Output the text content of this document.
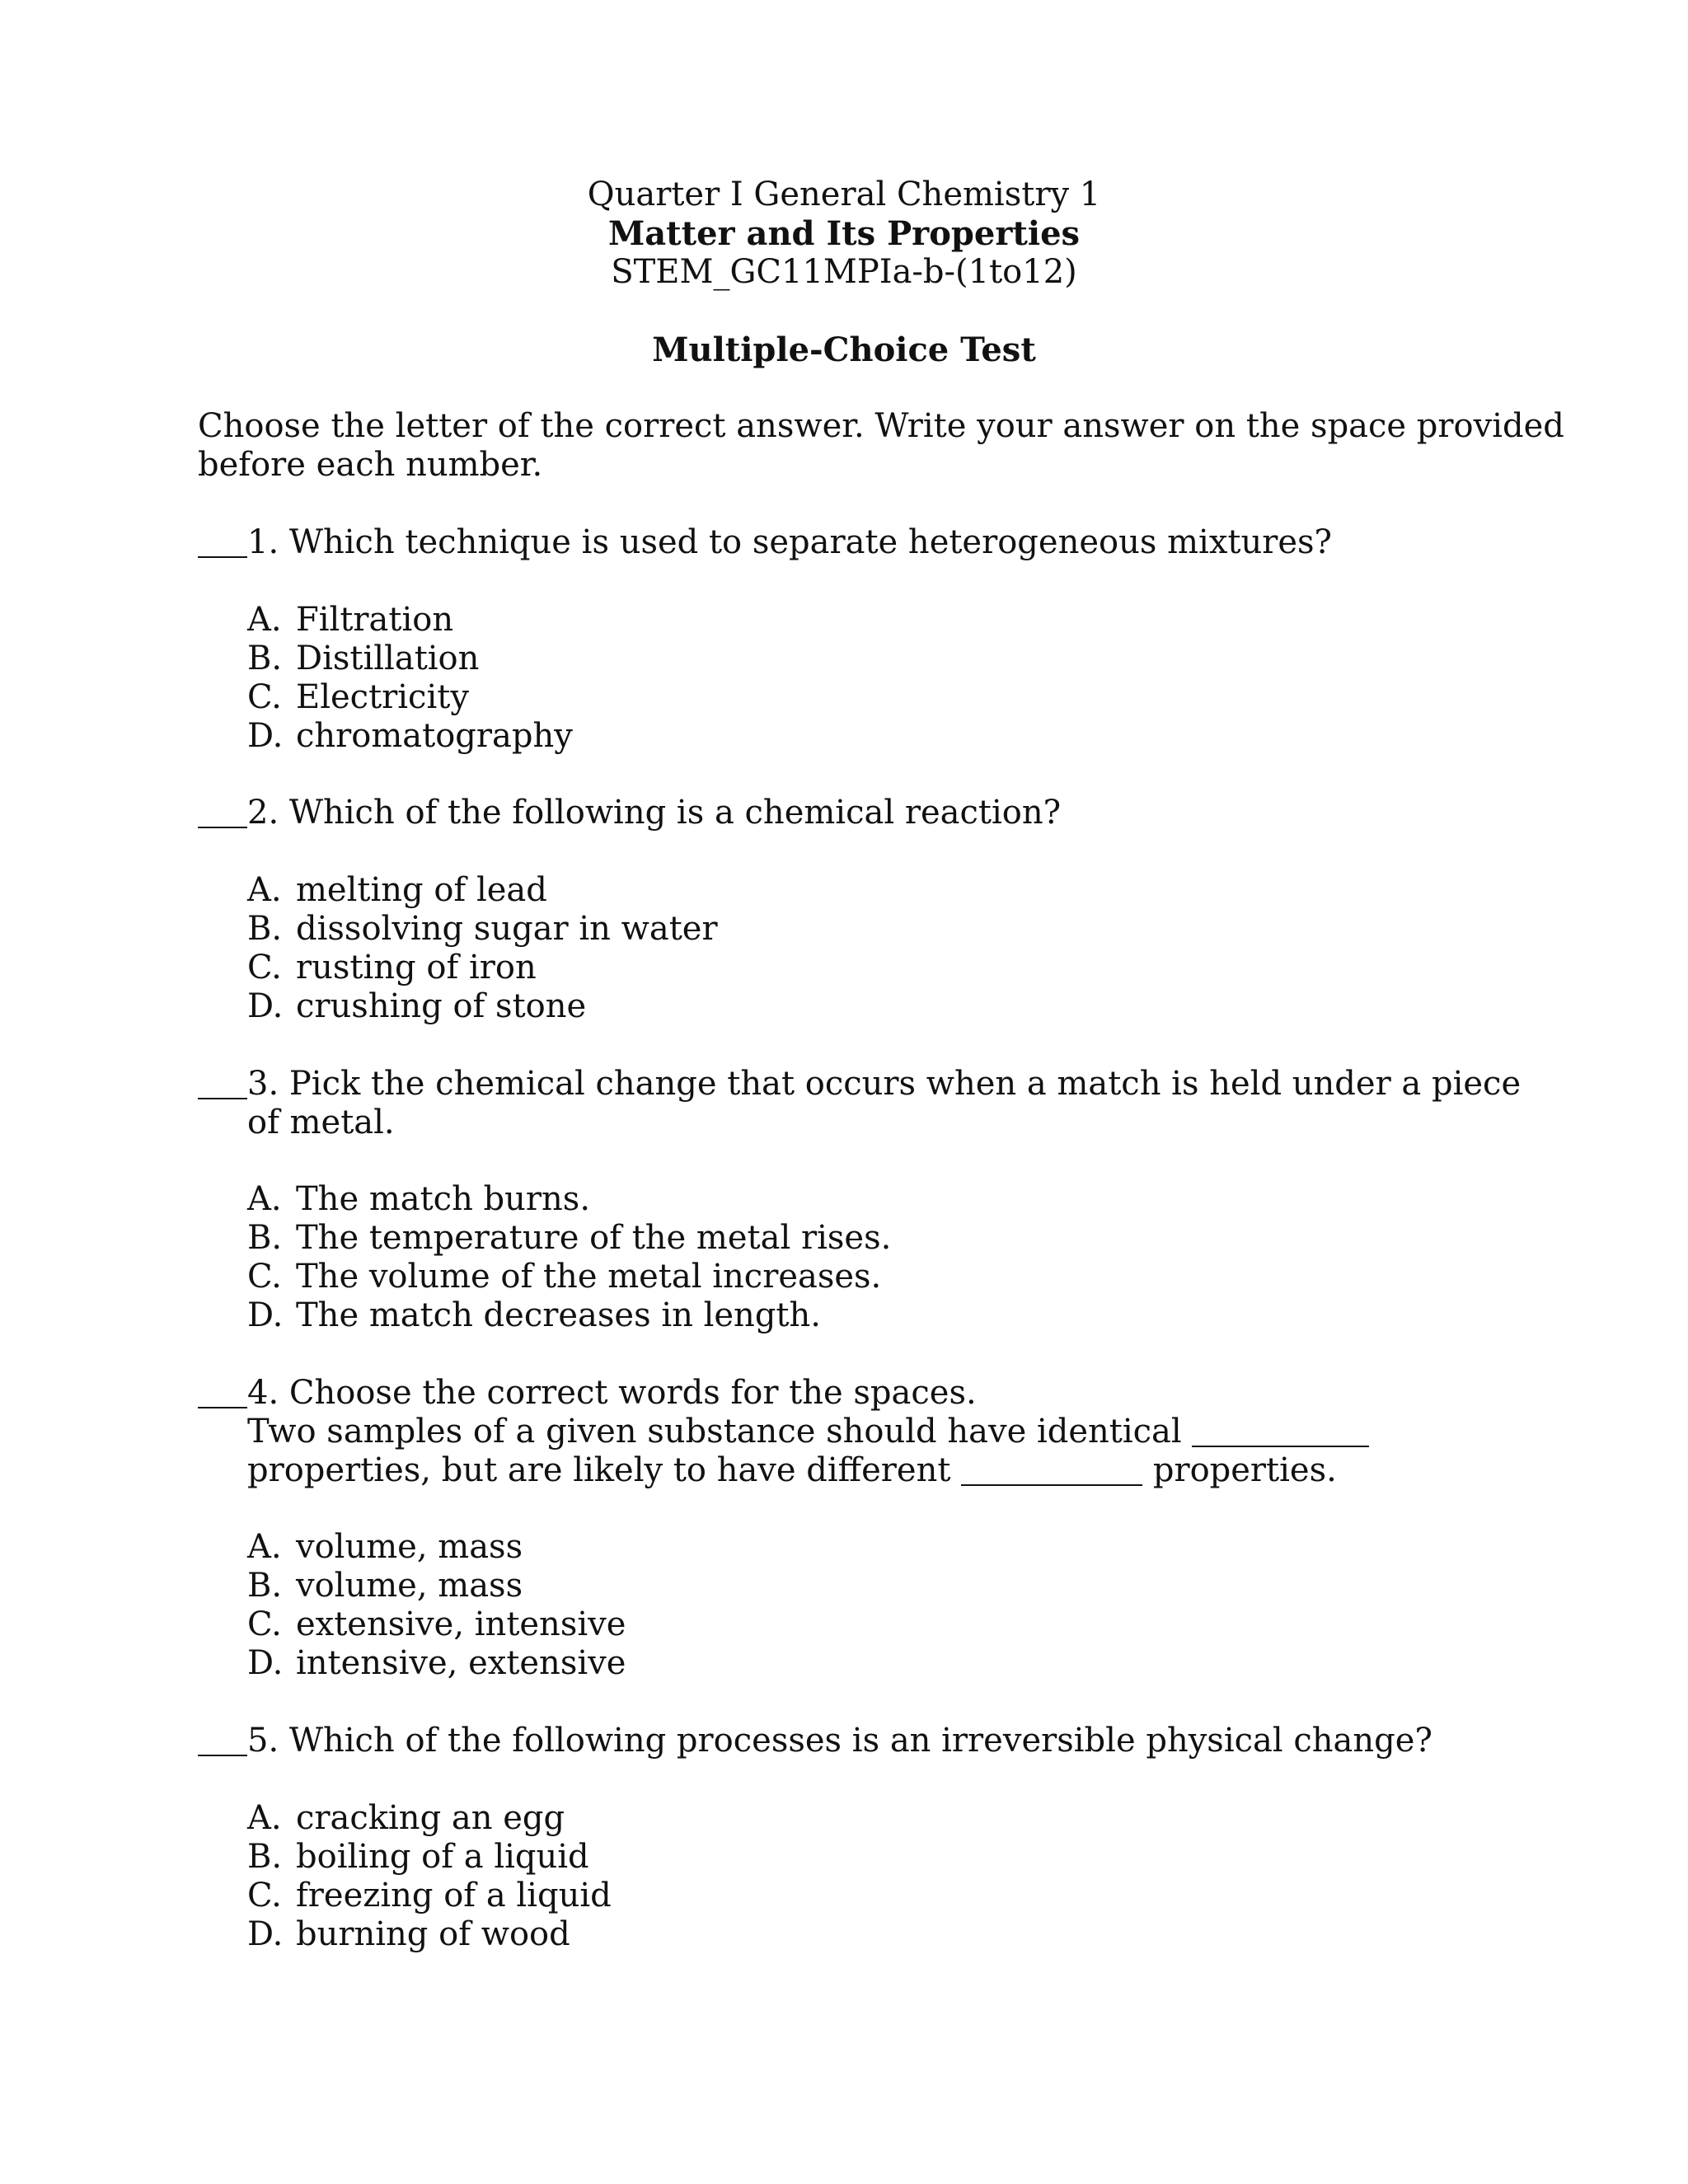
Quarter I General Chemistry 1
Matter and Its Properties
STEM_GC11MPIa-b-(1to12)
Multiple-Choice Test
Choose the letter of the correct answer. Write your answer on the space provided
before each number.
1. Which technique is used to separate heterogeneous mixtures?
A. Filtration
B. Distillation
C. Electricity
D. chromatography
2. Which of the following is a chemical reaction?
A. melting of lead
B. dissolving sugar in water
C. rusting of iron
D. crushing of stone
3. Pick the chemical change that occurs when a match is held under a piece
of metal.
A. The match burns.
B. The temperature of the metal rises.
C. The volume of the metal increases.
D. The match decreases in length.
4. Choose the correct words for the spaces.
Two samples of a given substance should have identical
properties, but are likely to have different	properties.
A. volume, mass
B. volume, mass
C. extensive, intensive
D. intensive, extensive
5. Which of the following processes is an irreversible physical change?
A. cracking an egg
B. boiling of a liquid
C. freezing of a liquid
D. burning of wood
